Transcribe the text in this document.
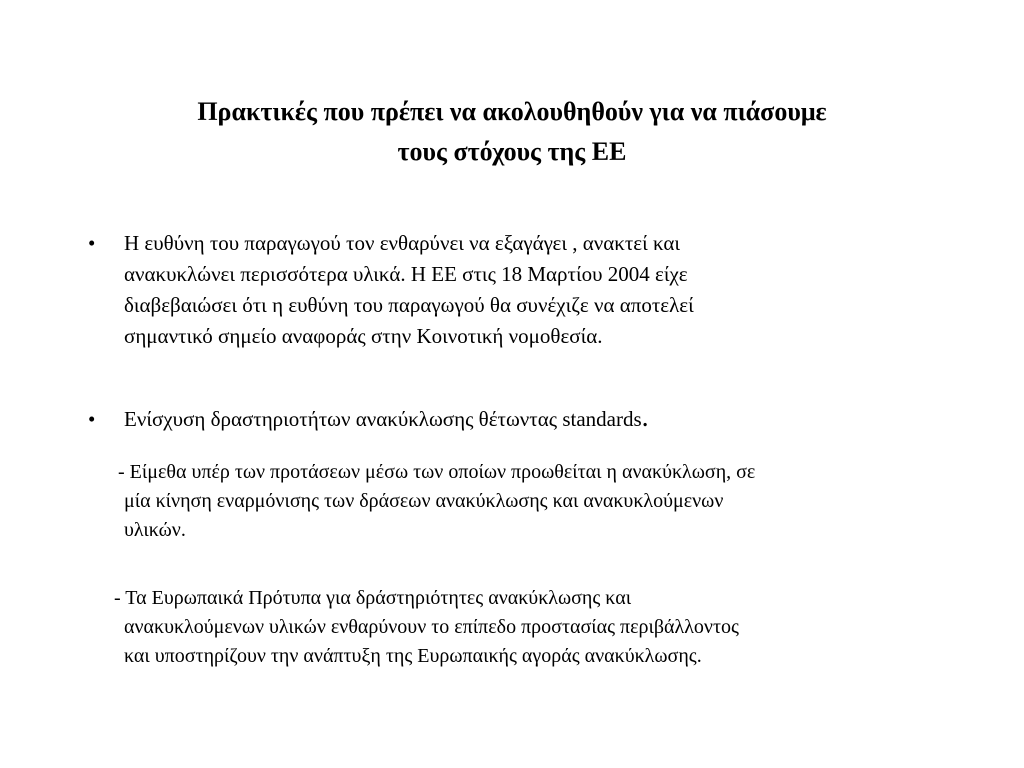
Πρακτικές που πρέπει να ακολουθηθούν για να πιάσουμε
τους στόχους της ΕΕ
• Η ευθύνη του παραγωγού τον ενθαρύνει να εξαγάγει , ανακτεί και
ανακυκλώνει περισσότερα υλικά. Η ΕΕ στις 18 Μαρτίου 2004 είχε
διαβεβαιώσει ότι η ευθύνη του παραγωγού θα συνέχιζε να αποτελεί
σημαντικό σημείο αναφοράς στην Κοινοτική νομοθεσία.
• Ενίσχυση δραστηριοτήτων ανακύκλωσης θέτωντας standards.
- Είμεθα υπέρ των προτάσεων μέσω των οποίων προωθείται η ανακύκλωση, σε
μία κίνηση εναρμόνισης των δράσεων ανακύκλωσης και ανακυκλούμενων
υλικών.
- Τα Ευρωπαικά Πρότυπα για δράστηριότητες ανακύκλωσης και
ανακυκλούμενων υλικών ενθαρύνουν το επίπεδο προστασίας περιβάλλοντος
και υποστηρίζουν την ανάπτυξη της Ευρωπαικής αγοράς ανακύκλωσης.
